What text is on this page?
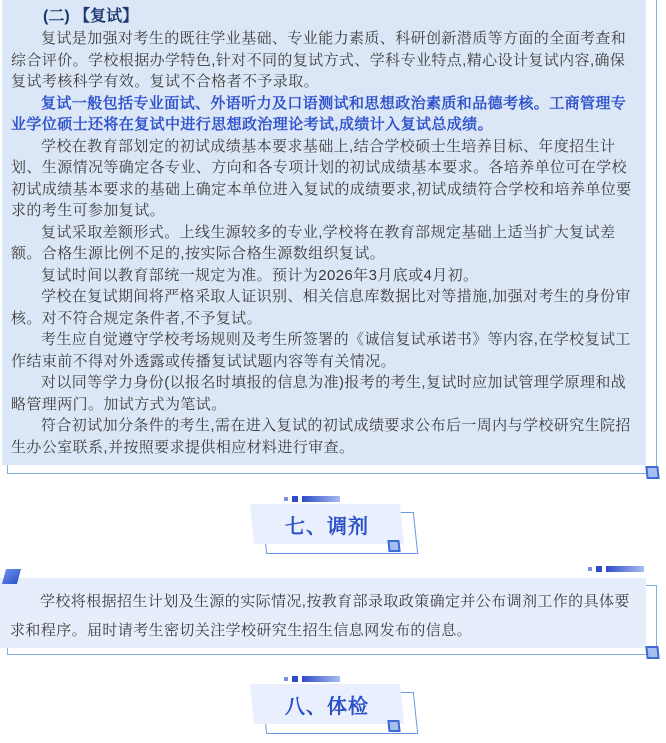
(二) 【复试】

复试是加强对考生的既往学业基础、专业能力素质、科研创新潜质等方面的全面考查和综合评价。学校根据办学特色,针对不同的复试方式、学科专业特点,精心设计复试内容,确保复试考核科学有效。复试不合格者不予录取。

复试一般包括专业面试、外语听力及口语测试和思想政治素质和品德考核。工商管理专业学位硕士还将在复试中进行思想政治理论考试,成绩计入复试总成绩。

学校在教育部划定的初试成绩基本要求基础上,结合学校硕士生培养目标、年度招生计划、生源情况等确定各专业、方向和各专项计划的初试成绩基本要求。各培养单位可在学校初试成绩基本要求的基础上确定本单位进入复试的成绩要求,初试成绩符合学校和培养单位要求的考生可参加复试。

复试采取差额形式。上线生源较多的专业,学校将在教育部规定基础上适当扩大复试差额。合格生源比例不足的,按实际合格生源数组织复试。

复试时间以教育部统一规定为准。预计为2026年3月底或4月初。

学校在复试期间将严格采取人证识别、相关信息库数据比对等措施,加强对考生的身份审核。对不符合规定条件者,不予复试。

考生应自觉遵守学校考场规则及考生所签署的《诚信复试承诺书》等内容,在学校复试工作结束前不得对外透露或传播复试试题内容等有关情况。

对以同等学力身份(以报名时填报的信息为准)报考的考生,复试时应加试管理学原理和战略管理两门。加试方式为笔试。

符合初试加分条件的考生,需在进入复试的初试成绩要求公布后一周内与学校研究生院招生办公室联系,并按照要求提供相应材料进行审查。

七、调剂

学校将根据招生计划及生源的实际情况,按教育部录取政策确定并公布调剂工作的具体要求和程序。届时请考生密切关注学校研究生招生信息网发布的信息。

八、体检
